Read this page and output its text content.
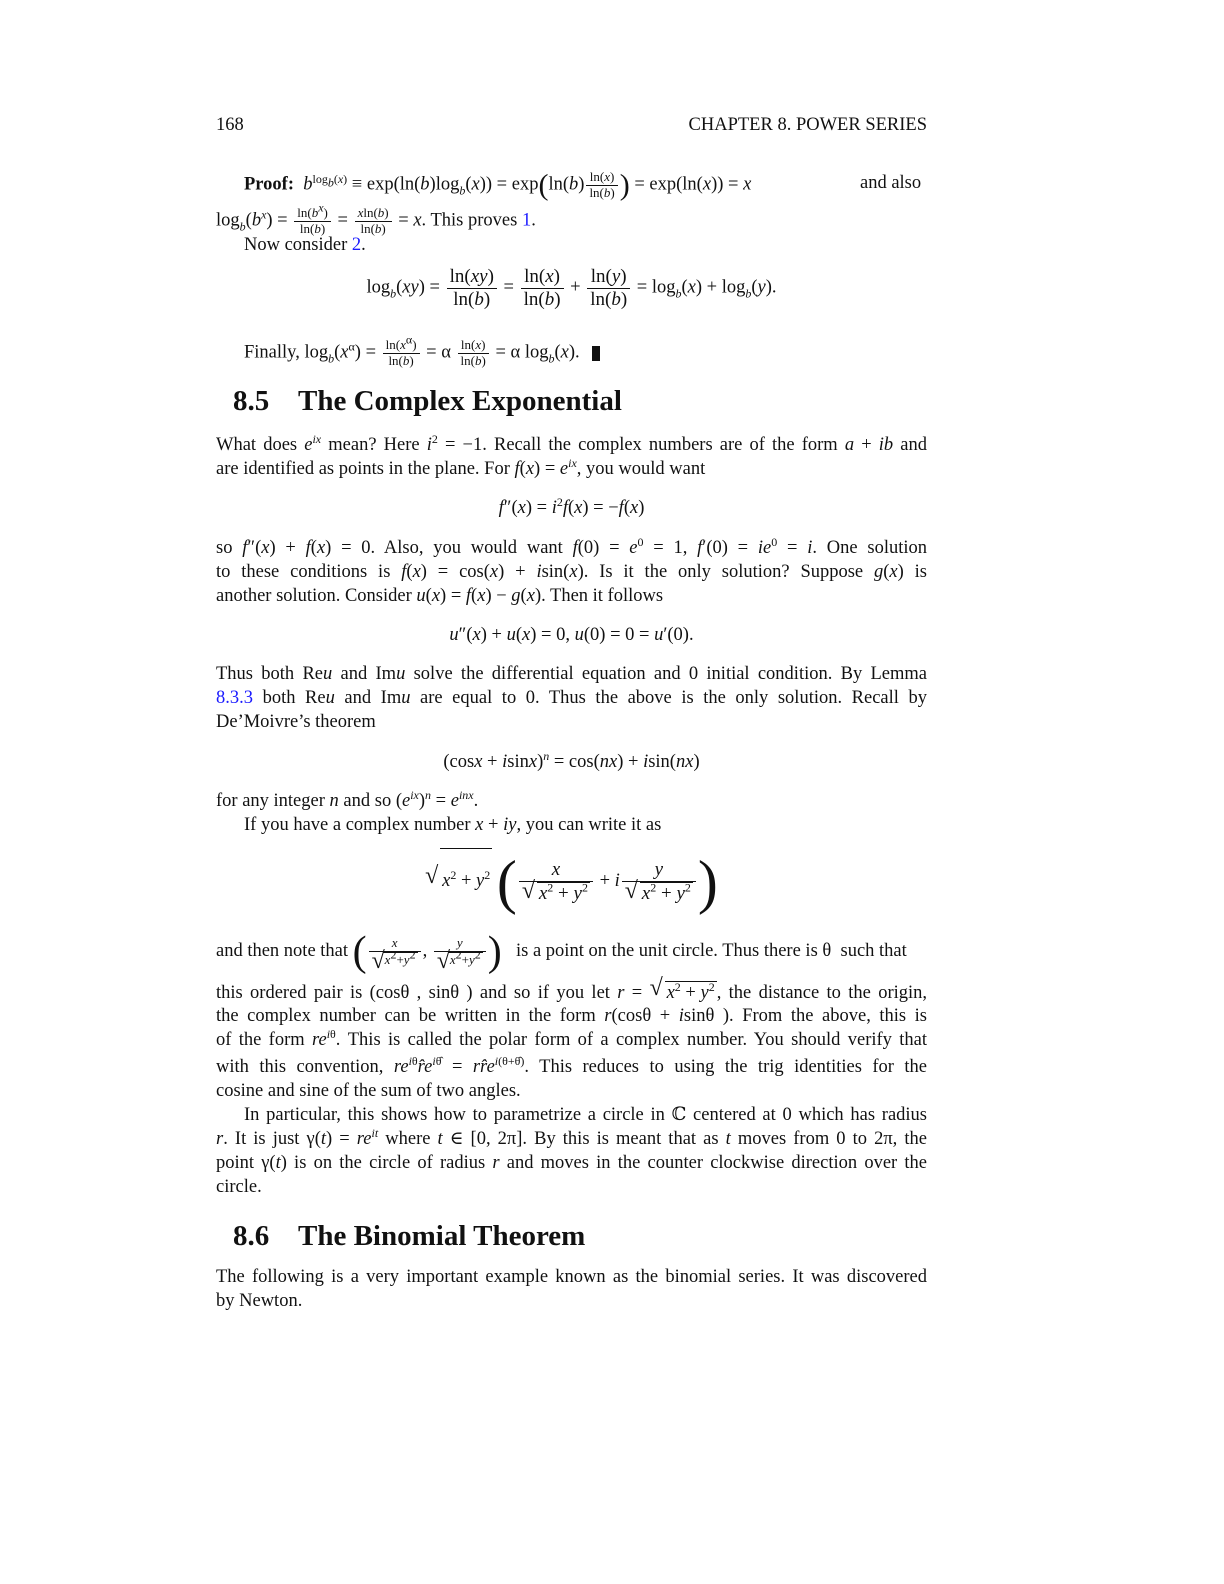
168	CHAPTER 8. POWER SERIES
Proof: $b^{log_b(x)} \equiv \exp(\ln(b)\log_b(x)) = \exp(\ln(b) \frac{\ln(x)}{\ln(b)}$ ) = exp(ln(x)) = x	and also
$\log_b(b^x) = \frac{\ln(b^x)}{\ln(b)} = \frac{xln(b)}{\ln(b)} = x$. This proves 1.
Now consider 2.
$\log_b(xy) = \frac{\ln(xy)}{\ln(b)} = \frac{\ln(x)}{\ln(b)} + \frac{\ln(y)}{\ln(b)} = \log_b(x) + \log_b(y)$.
Finally, $\log_b(x^\alpha) = \frac{\ln(x^\alpha)}{\ln(b)} = \alpha \frac{\ln(x)}{\ln(b)} = \alpha$ $\log_b(x)$.
8.5 The Complex Exponential
What does $e^{ix}$ mean? Here $i^2 = -1$. Recall the complex numbers are of the form a + ib and
are identified as points in the plane. For $f(x) = e^{ix}$, you would want
$f''(x) = i^2f(x) = -f(x)$
so f″(x) + f(x) = 0. Also, you would want $f(0) = e^0 = 1$, $f'(0) = ie^0 = i$. One solution
to these conditions is f(x) = cos(x) + isin(x). Is it the only solution? Suppose g(x) is
another solution. Consider u(x) = f(x) − g(x). Then it follows
u″(x) + u(x) = 0, u(0) = 0 = u′(0).
Thus both Reu and Imu solve the differential equation and 0 initial condition. By Lemma
8.3.3 both Reu and Imu are equal to 0. Thus the above is the only solution. Recall by
De’Moivre’s theorem
$(\cos x + isinx)^n = \cos(nx) + isin(nx)$
for any integer n and so $(e^{ix})^n = e^{inx}$.
If you have a complex number x + iy, you can write it as
√ $x^2 + y^2$ ( x
√ $x^2 + y^2 + i$ y
√ $x^2 + y^2$ )
and then note that ( x
√ $x^2+y^2$ , y
√ $x^2+y^2$ ) is a point on the unit circle. Thus there is θ  such that
this ordered pair is (cosθ , sinθ ) and so if you let r = √ $x^2 + y^2$ , the distance to the origin,
the complex number can be written in the form r(cosθ + isinθ ). From the above, this is
of the form $re^{i\theta}$. This is called the polar form of a complex number. You should verify that
with this convention, $re^{i\theta}r̂e^{i\thetâ}$ = $rr̂e^{i(\theta+\thetâ)}$. This reduces to using the trig identities for the
cosine and sine of the sum of two angles.
In particular, this shows how to parametrize a circle in ℂ centered at 0 which has radius
r. It is just $\gamma(t) = re^{it}$ where t ∈ [0, 2π]. By this is meant that as t moves from 0 to 2π, the
point γ(t) is on the circle of radius r and moves in the counter clockwise direction over the
circle.
8.6 The Binomial Theorem
The following is a very important example known as the binomial series. It was discovered
by Newton.
